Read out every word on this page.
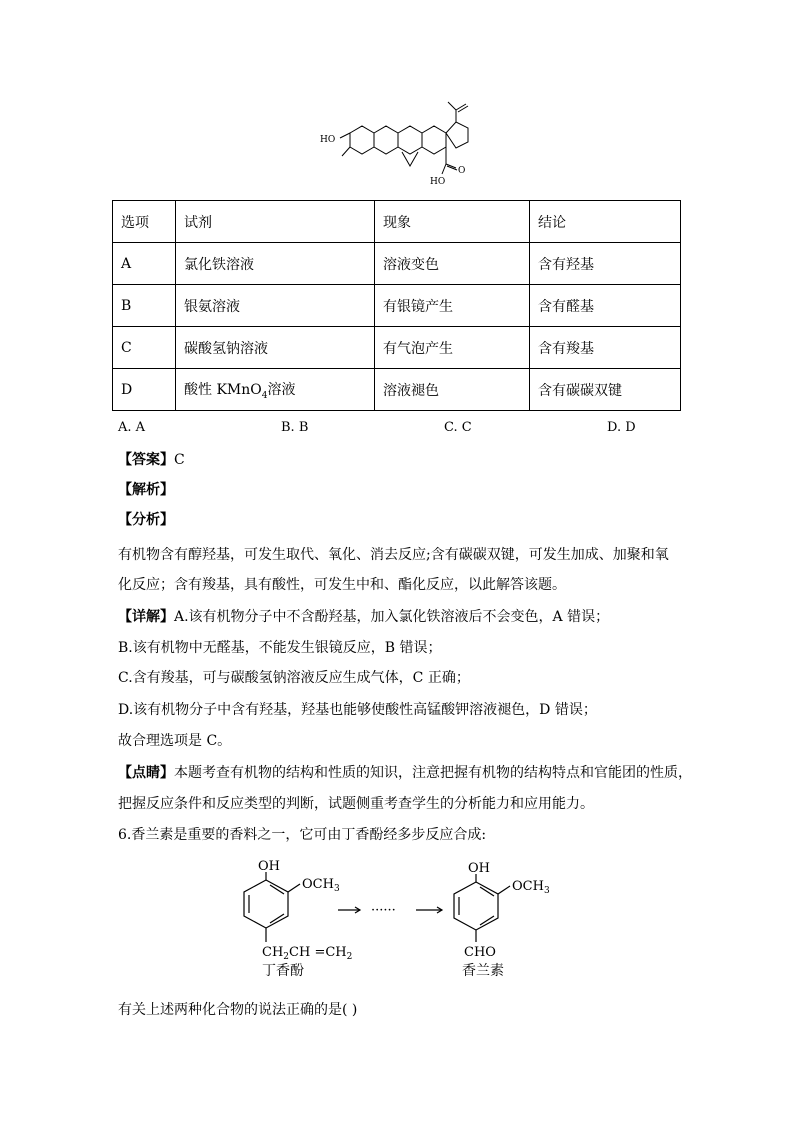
HO
O
HO
选项	试剂	现象	结论
A	氯化铁溶液	溶液变色	含有羟基
B	银氨溶液	有银镜产生	含有醛基
C	碳酸氢钠溶液	有气泡产生	含有羧基
D	酸性 KMnO$_4$溶液	溶液褪色	含有碳碳双键
A. A	B. B	C. C	D. D
【答案】C
【解析】
【分析】
有机物含有醇羟基，可发生取代、氧化、消去反应;含有碳碳双键，可发生加成、加聚和氧
化反应；含有羧基，具有酸性，可发生中和、酯化反应，以此解答该题。
【详解】A.该有机物分子中不含酚羟基，加入氯化铁溶液后不会变色，A 错误；
B.该有机物中无醛基，不能发生银镜反应，B 错误；
C.含有羧基，可与碳酸氢钠溶液反应生成气体，C 正确；
D.该有机物分子中含有羟基，羟基也能够使酸性高锰酸钾溶液褪色，D 错误；
故合理选项是 C。
【点睛】本题考查有机物的结构和性质的知识，注意把握有机物的结构特点和官能团的性质，
把握反应条件和反应类型的判断，试题侧重考查学生的分析能力和应用能力。
6.香兰素是重要的香料之一，它可由丁香酚经多步反应合成:
OH
$OCH_3$
$CH_2CH =CH_2$
丁香酚
······
OH
$OCH_3$
CHO
香兰素
有关上述两种化合物的说法正确的是( )
